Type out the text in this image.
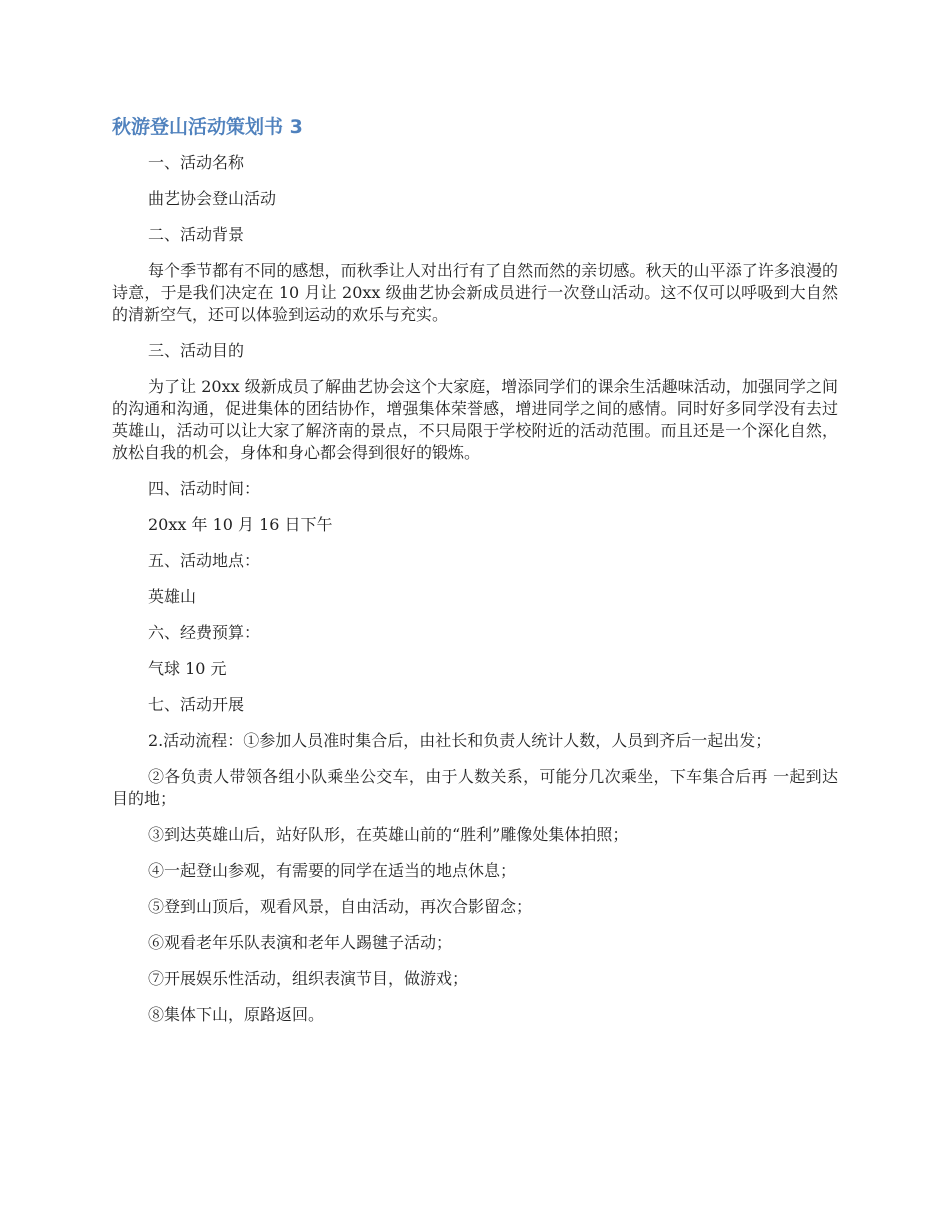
秋游登山活动策划书 3
一、活动名称
曲艺协会登山活动
二、活动背景
每个季节都有不同的感想，而秋季让人对出行有了自然而然的亲切感。秋天的山平添了许多浪漫的诗意，于是我们决定在 10 月让 20xx 级曲艺协会新成员进行一次登山活动。这不仅可以呼吸到大自然的清新空气，还可以体验到运动的欢乐与充实。
三、活动目的
为了让 20xx 级新成员了解曲艺协会这个大家庭，增添同学们的课余生活趣味活动，加强同学之间的沟通和沟通，促进集体的团结协作，增强集体荣誉感，增进同学之间的感情。同时好多同学没有去过英雄山，活动可以让大家了解济南的景点，不只局限于学校附近的活动范围。而且还是一个深化自然，放松自我的机会，身体和身心都会得到很好的锻炼。
四、活动时间：
20xx 年 10 月 16 日下午
五、活动地点：
英雄山
六、经费预算：
气球 10 元
七、活动开展
2.活动流程：①参加人员准时集合后，由社长和负责人统计人数，人员到齐后一起出发；
②各负责人带领各组小队乘坐公交车，由于人数关系，可能分几次乘坐，下车集合后再 一起到达目的地；
③到达英雄山后，站好队形，在英雄山前的“胜利”雕像处集体拍照；
④一起登山参观，有需要的同学在适当的地点休息；
⑤登到山顶后，观看风景，自由活动，再次合影留念；
⑥观看老年乐队表演和老年人踢毽子活动；
⑦开展娱乐性活动，组织表演节目，做游戏；
⑧集体下山，原路返回。
